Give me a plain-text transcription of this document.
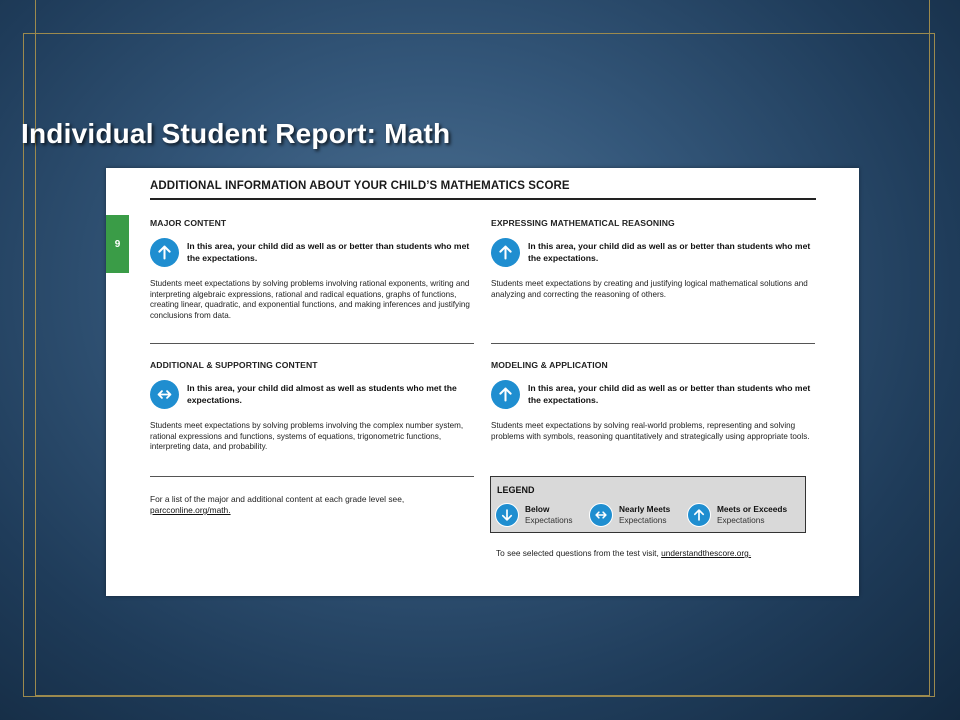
Individual Student Report: Math
9
ADDITIONAL INFORMATION ABOUT YOUR CHILD’S MATHEMATICS SCORE
MAJOR CONTENT
In this area, your child did as well as or better than students who met the expectations.

Students meet expectations by solving problems involving rational exponents, writing and interpreting algebraic expressions, rational and radical equations, graphs of functions, creating linear, quadratic, and exponential functions, and making inferences and justifying conclusions from data.

EXPRESSING MATHEMATICAL REASONING
In this area, your child did as well as or better than students who met the expectations.

Students meet expectations by creating and justifying logical mathematical solutions and analyzing and correcting the reasoning of others.

ADDITIONAL & SUPPORTING CONTENT
In this area, your child did almost as well as students who met the expectations.

Students meet expectations by solving problems involving the complex number system, rational expressions and functions, systems of equations, trigonometric functions, interpreting data, and probability.

MODELING & APPLICATION
In this area, your child did as well as or better than students who met the expectations.

Students meet expectations by solving real-world problems, representing and solving problems with symbols, reasoning quantitatively and strategically using appropriate tools.

For a list of the major and additional content at each grade level see,
parcconline.org/math.
LEGEND
Below
Expectations
Nearly Meets
Expectations
Meets or Exceeds
Expectations
To see selected questions from the test visit, understandthescore.org.
